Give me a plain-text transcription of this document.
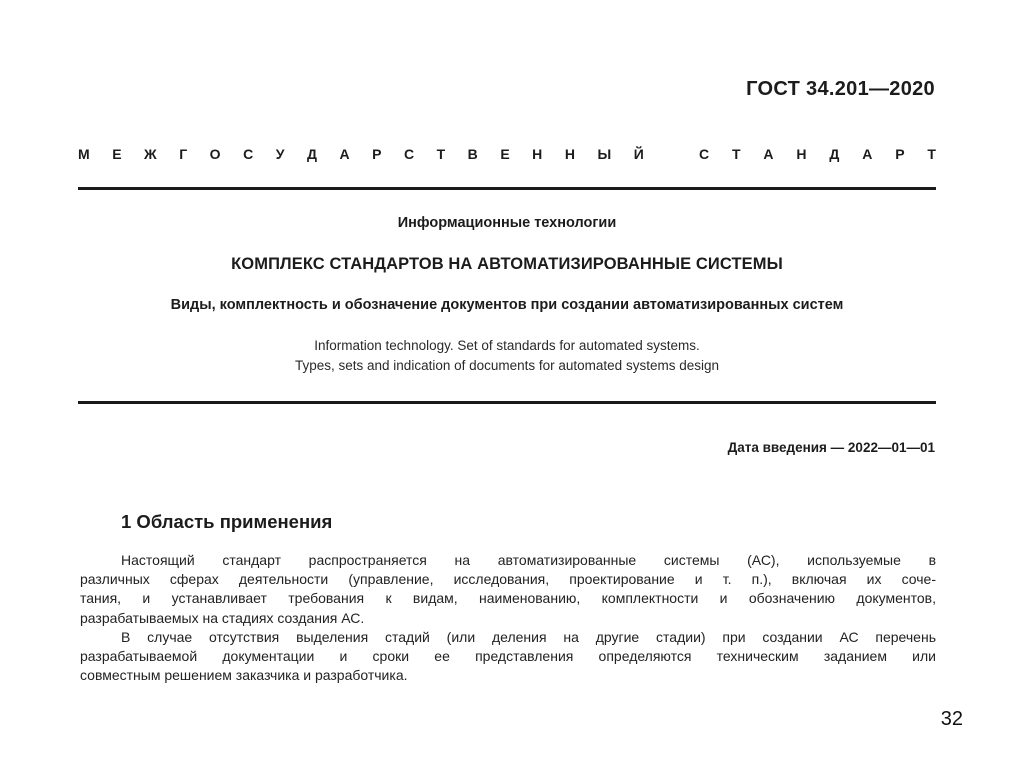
ГОСТ 34.201—2020
М Е Ж Г О С У Д А Р С Т В Е Н Н Ы Й	С Т А Н Д А Р Т
Информационные технологии
КОМПЛЕКС СТАНДАРТОВ НА АВТОМАТИЗИРОВАННЫЕ СИСТЕМЫ
Виды, комплектность и обозначение документов при создании автоматизированных систем
Information technology. Set of standards for automated systems.
Types, sets and indication of documents for automated systems design
Дата введения — 2022—01—01
1 Область применения
Настоящий стандарт распространяется на автоматизированные системы (АС), используемые в
различных сферах деятельности (управление, исследования, проектирование и т. п.), включая их соче-
тания, и устанавливает требования к видам, наименованию, комплектности и обозначению документов,
разрабатываемых на стадиях создания АС.
В случае отсутствия выделения стадий (или деления на другие стадии) при создании АС перечень
разрабатываемой документации и сроки ее представления определяются техническим заданием или
совместным решением заказчика и разработчика.
32
